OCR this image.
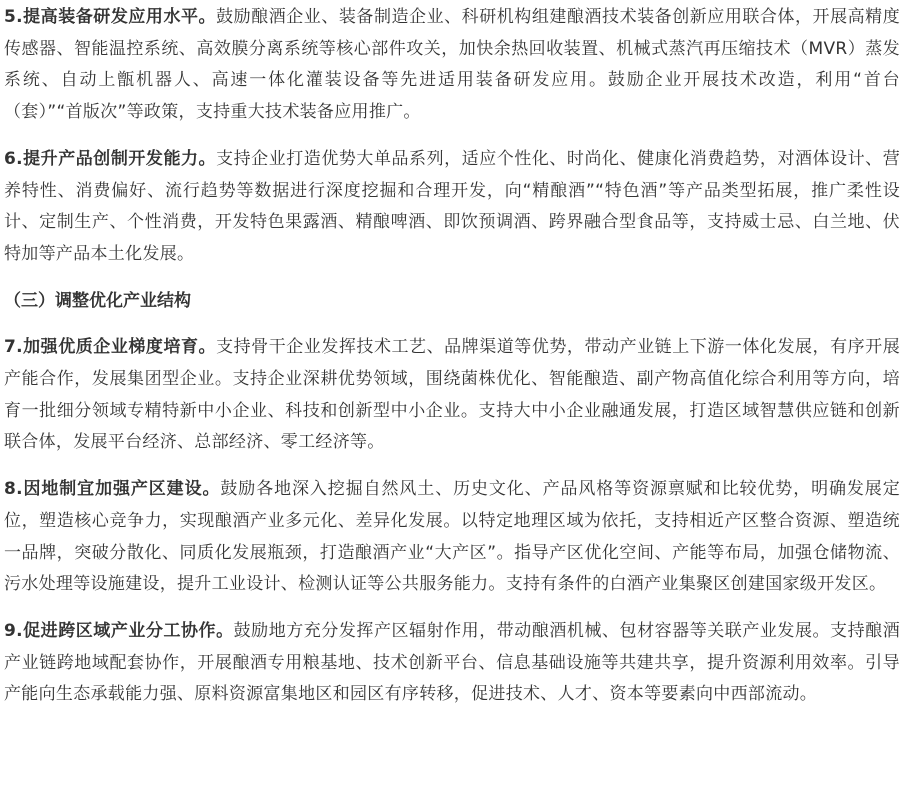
5.提高装备研发应用水平。鼓励酿酒企业、装备制造企业、科研机构组建酿酒技术装备创新应用联合体，开展高精度传感器、智能温控系统、高效膜分离系统等核心部件攻关，加快余热回收装置、机械式蒸汽再压缩技术（MVR）蒸发系统、自动上甑机器人、高速一体化灌装设备等先进适用装备研发应用。鼓励企业开展技术改造，利用“首台（套）”“首版次”等政策，支持重大技术装备应用推广。

6.提升产品创制开发能力。支持企业打造优势大单品系列，适应个性化、时尚化、健康化消费趋势，对酒体设计、营养特性、消费偏好、流行趋势等数据进行深度挖掘和合理开发，向“精酿酒”“特色酒”等产品类型拓展，推广柔性设计、定制生产、个性消费，开发特色果露酒、精酿啤酒、即饮预调酒、跨界融合型食品等，支持威士忌、白兰地、伏特加等产品本土化发展。

（三）调整优化产业结构

7.加强优质企业梯度培育。支持骨干企业发挥技术工艺、品牌渠道等优势，带动产业链上下游一体化发展，有序开展产能合作，发展集团型企业。支持企业深耕优势领域，围绕菌株优化、智能酿造、副产物高值化综合利用等方向，培育一批细分领域专精特新中小企业、科技和创新型中小企业。支持大中小企业融通发展，打造区域智慧供应链和创新联合体，发展平台经济、总部经济、零工经济等。

8.因地制宜加强产区建设。鼓励各地深入挖掘自然风土、历史文化、产品风格等资源禀赋和比较优势，明确发展定位，塑造核心竞争力，实现酿酒产业多元化、差异化发展。以特定地理区域为依托，支持相近产区整合资源、塑造统一品牌，突破分散化、同质化发展瓶颈，打造酿酒产业“大产区”。指导产区优化空间、产能等布局，加强仓储物流、污水处理等设施建设，提升工业设计、检测认证等公共服务能力。支持有条件的白酒产业集聚区创建国家级开发区。

9.促进跨区域产业分工协作。鼓励地方充分发挥产区辐射作用，带动酿酒机械、包材容器等关联产业发展。支持酿酒产业链跨地域配套协作，开展酿酒专用粮基地、技术创新平台、信息基础设施等共建共享，提升资源利用效率。引导产能向生态承载能力强、原料资源富集地区和园区有序转移，促进技术、人才、资本等要素向中西部流动。
